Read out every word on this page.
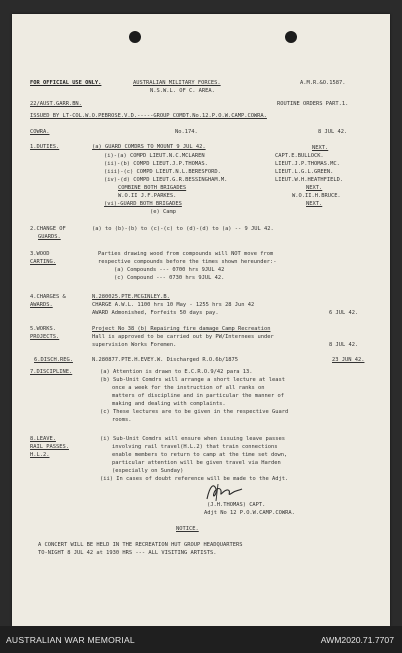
FOR OFFICIAL USE ONLY.	AUSTRALIAN MILITARY FORCES.
N.S.W.L. OF C. AREA.
A.M.R.&O.1587.
22/AUST.GARR.BN.	ROUTINE ORDERS PART.1.
ISSUED BY LT-COL.W.O.PEBROSE.V.D.-----GROUP COMDT.No.12.P.O.W.CAMP.COWRA.
COWRA.	No.174.	8 JUL 42.
1.DUTIES.	(a) GUARD COMDRS TO MOUNT 9 JUL 42.	NEXT.
(i)-(a) COMPD LIEUT.N.C.MCLAREN	CAPT.E.BULLOCK.
(ii)-(b) COMPD LIEUT.J.P.THOMAS.	LIEUT.J.P.THOMAS.MC.
(iii)-(c) COMPD LIEUT.N.L.BERESFORD.	LIEUT.L.G.L.GREEN.
(iv)-(d) COMPD LIEUT.G.R.BESSINGHAM.M.	LIEUT.W.H.HEATHFIELD.
COMBINE BOTH BRIGADES	NEXT.
W.O.II J.F.PARKES.	W.O.II.H.BRUCE.
(vi)-GUARD BOTH BRIGADES	NEXT.
(e) Camp
2.CHANGE OF
GUARDS.
(a) to (b)-(b) to (c)-(c) to (d)-(d) to (a) -- 9 JUL 42.
3.WOOD
CARTING.
Parties drawing wood from compounds will NOT move from
respective compounds before the times shown hereunder:-
(a) Compounds --- 0700 hrs 9JUL 42
(c) Compound --- 0730 hrs 9JUL 42.
4.CHARGES &
AWARDS.
N.280025.PTE.MCGINLEY.B.
CHARGE A.W.L. 1100 hrs 10 May - 1255 hrs 28 Jun 42
AWARD Admonished, Forfeits 50 days pay.	6 JUL 42.
5.WORKS.
PROJECTS.
Project No 38 (b) Repairing fire damage Camp Recreation
Hall is approved to be carried out by PW/Internees under
supervision Works Foremen.	8 JUL 42.
6.DISCH.REG.	N.280877.PTE.H.EVEY.W. Discharged R.O.6b/1875	23 JUN 42.
7.DISCIPLINE.	(a) Attention is drawn to E.C.R.O.9/42 para 13.
(b) Sub-Unit Comdrs will arrange a short lecture at least
once a week for the instruction of all ranks on
matters of discipline and in particular the manner of
making and dealing with complaints.
(c) These lectures are to be given in the respective Guard
rooms.
8.LEAVE.
RAIL PASSES.
H.L.2.
(i) Sub-Unit Comdrs will ensure when issuing leave passes
involving rail travel(H.L.2) that train connections
enable members to return to camp at the time set down,
particular attention will be given travel via Harden
(especially on Sunday)
(ii) In cases of doubt reference will be made to the Adjt.
(J.H.THOMAS) CAPT.
Adjt No 12 P.O.W.CAMP.COWRA.
NOTICE.
A CONCERT WILL BE HELD IN THE RECREATION HUT GROUP HEADQUARTERS
TO-NIGHT 8 JUL 42 at 1930 HRS --- ALL VISITING ARTISTS.
AUSTRALIAN WAR MEMORIAL	AWM2020.71.7707
